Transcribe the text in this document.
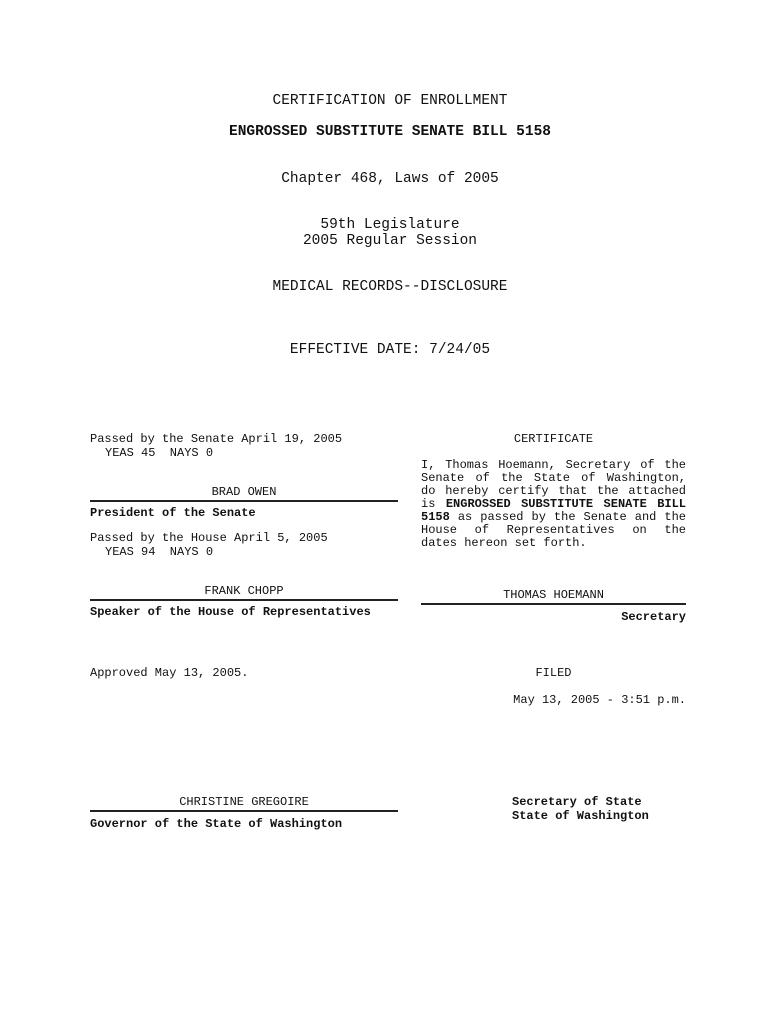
CERTIFICATION OF ENROLLMENT
ENGROSSED SUBSTITUTE SENATE BILL 5158
Chapter 468, Laws of 2005
59th Legislature
2005 Regular Session
MEDICAL RECORDS--DISCLOSURE
EFFECTIVE DATE: 7/24/05
Passed by the Senate April 19, 2005
YEAS 45  NAYS 0
BRAD OWEN
President of the Senate
Passed by the House April 5, 2005
YEAS 94  NAYS 0
FRANK CHOPP
Speaker of the House of Representatives
Approved May 13, 2005.
CHRISTINE GREGOIRE
Governor of the State of Washington
CERTIFICATE
I, Thomas Hoemann, Secretary of the Senate of the State of Washington, do hereby certify that the attached is ENGROSSED SUBSTITUTE SENATE BILL 5158 as passed by the Senate and the House of Representatives on the dates hereon set forth.
THOMAS HOEMANN
Secretary
FILED
May 13, 2005 - 3:51 p.m.
Secretary of State
State of Washington
